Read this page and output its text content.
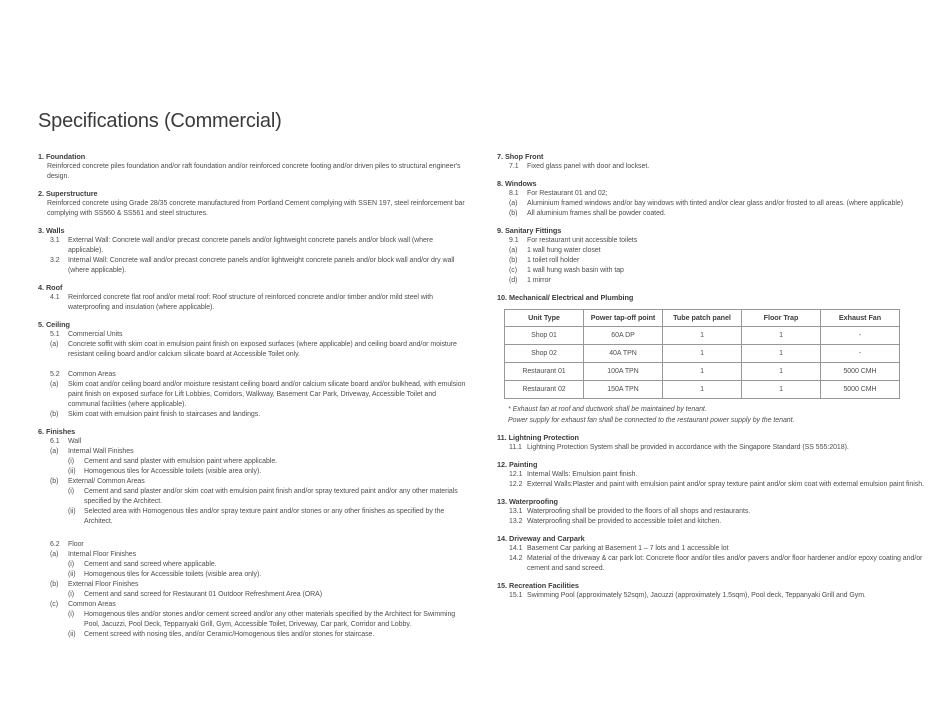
Specifications (Commercial)
1. Foundation
Reinforced concrete piles foundation and/or raft foundation and/or reinforced concrete footing and/or driven piles to structural engineer's design.
2. Superstructure
Reinforced concrete using Grade 28/35 concrete manufactured from Portland Cement complying with SSEN 197, steel reinforcement bar complying with SS560 & SS561 and steel structures.
3. Walls
3.1	External Wall: Concrete wall and/or precast concrete panels and/or lightweight concrete panels and/or block wall (where applicable).
3.2	Internal Wall: Concrete wall and/or precast concrete panels and/or lightweight concrete panels and/or block wall and/or dry wall (where applicable).
4. Roof
4.1	Reinforced concrete flat roof and/or metal roof: Roof structure of reinforced concrete and/or timber and/or mild steel with waterproofing and insulation (where applicable).
5. Ceiling
5.1	Commercial Units
(a)	Concrete soffit with skim coat in emulsion paint finish on exposed surfaces (where applicable) and ceiling board and/or moisture resistant ceiling board and/or calcium silicate board at Accessible Toilet only.
5.2	Common Areas
(a)	Skim coat and/or ceiling board and/or moisture resistant ceiling board and/or calcium silicate board and/or bulkhead, with emulsion paint finish on exposed surface for Lift Lobbies, Corridors, Walkway, Basement Car Park, Driveway, Accessible Toilet and communal facilities (where applicable).
(b)	Skim coat with emulsion paint finish to staircases and landings.
6. Finishes
6.1	Wall
(a)	Internal Wall Finishes
(i)	Cement and sand plaster with emulsion paint where applicable.
(ii)	Homogenous tiles for Accessible toilets (visible area only).
(b)	External/ Common Areas
(i)	Cement and sand plaster and/or skim coat with emulsion paint finish and/or spray textured paint and/or any other materials specified by the Architect.
(ii)	Selected area with Homogenous tiles and/or spray texture paint and/or stones or any other finishes as specified by the Architect.
6.2	Floor
(a)	Internal Floor Finishes
(i)	Cement and sand screed where applicable.
(ii)	Homogenous tiles for Accessible toilets (visible area only).
(b)	External Floor Finishes
(i)	Cement and sand screed for Restaurant 01 Outdoor Refreshment Area (ORA)
(c)	Common Areas
(i)	Homogenous tiles and/or stones and/or cement screed and/or any other materials specified by the Architect for Swimming Pool, Jacuzzi, Pool Deck, Teppanyaki Grill, Gym, Accessible Toilet, Driveway, Car park, Corridor and Lobby.
(ii)	Cement screed with nosing tiles, and/or Ceramic/Homogenous tiles and/or stones for staircase.
7. Shop Front
7.1	Fixed glass panel with door and lockset.
8. Windows
8.1	For Restaurant 01 and 02;
(a)	Aluminium framed windows and/or bay windows with tinted and/or clear glass and/or frosted to all areas. (where applicable)
(b)	All aluminium frames shall be powder coated.
9. Sanitary Fittings
9.1	For restaurant unit accessible toilets
(a)	1 wall hung water closet
(b)	1 toilet roll holder
(c)	1 wall hung wash basin with tap
(d)	1 mirror
10. Mechanical/ Electrical and Plumbing
Unit Type	Power tap-off point	Tube patch panel	Floor Trap	Exhaust Fan
Shop 01	60A DP	1	1	-
Shop 02	40A TPN	1	1	-
Restaurant 01	100A TPN	1	1	5000 CMH
Restaurant 02	150A TPN	1	1	5000 CMH
* Exhaust fan at roof and ductwork shall be maintained by tenant.
Power supply for exhaust fan shall be connected to the restaurant power supply by the tenant.
11. Lightning Protection
11.1 Lightning Protection System shall be provided in accordance with the Singapore Standard (SS 555:2018).
12. Painting
12.1 Internal Walls: Emulsion paint finish.
12.2 External Walls:Plaster and paint with emulsion paint and/or spray texture paint and/or skim coat with external emulsion paint finish.
13. Waterproofing
13.1 Waterproofing shall be provided to the floors of all shops and restaurants.
13.2 Waterproofing shall be provided to accessible toilet and kitchen.
14. Driveway and Carpark
14.1 Basement Car parking at Basement 1 – 7 lots and 1 accessible lot
14.2 Material of the driveway & car park lot: Concrete floor and/or tiles and/or pavers and/or floor hardener and/or epoxy coating and/or cement and sand screed.
15. Recreation Facilities
15.1 Swimming Pool (approximately 52sqm), Jacuzzi (approximately 1.5sqm), Pool deck, Teppanyaki Grill and Gym.
